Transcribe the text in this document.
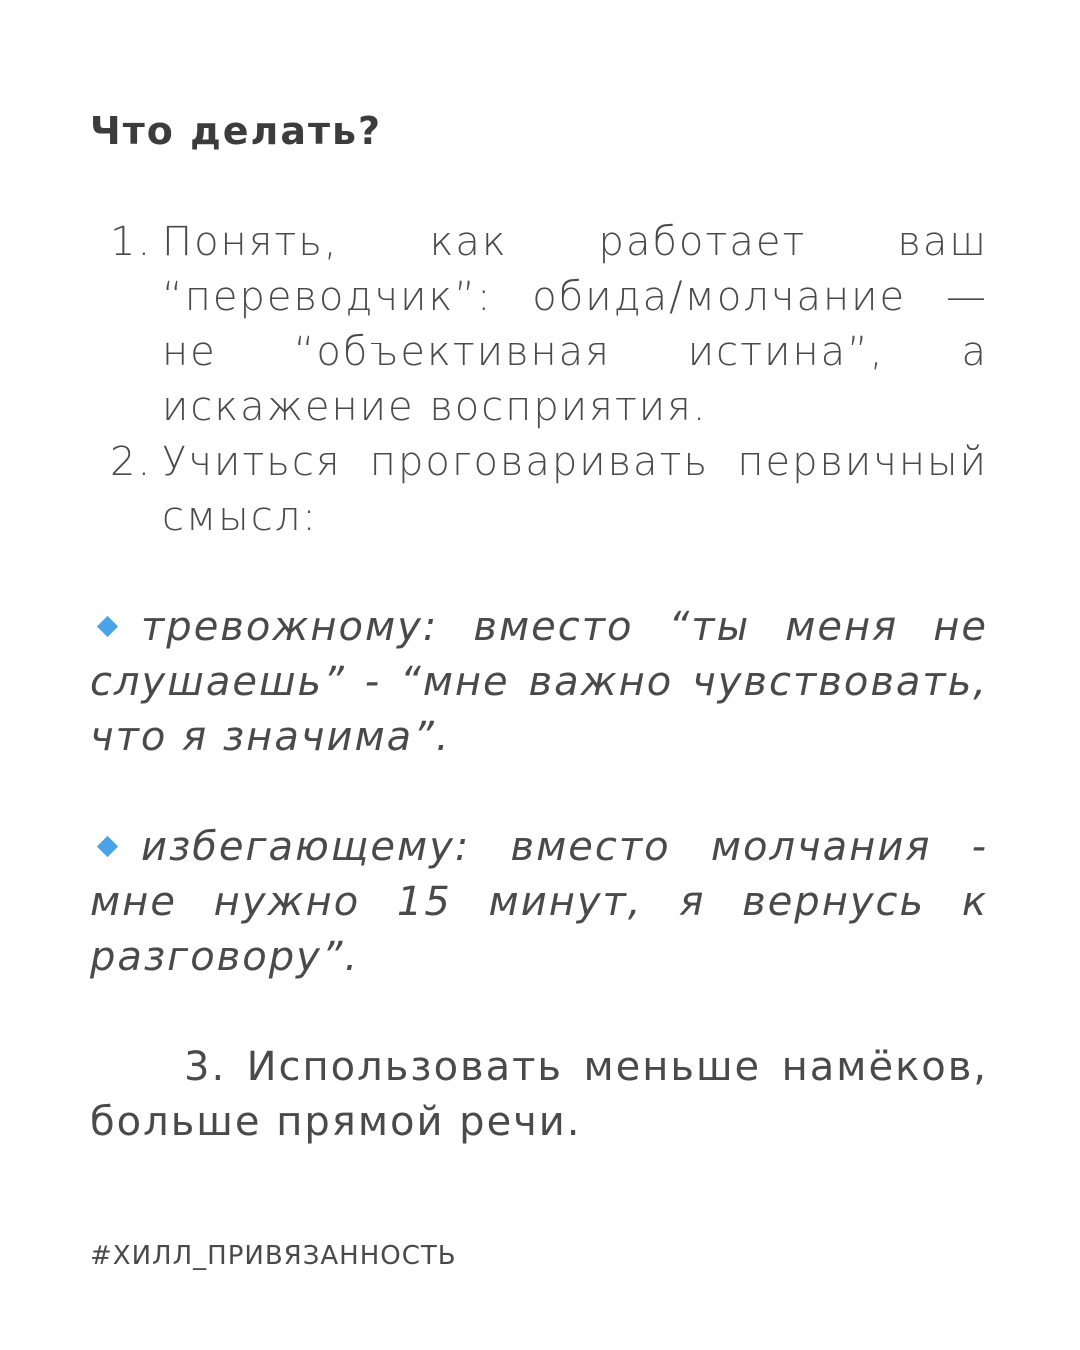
Что делать?
1. Понять, как работает ваш “переводчик”: обида/молчание — не “объективная истина”, а искажение восприятия.
2. Учиться проговаривать первичный смысл:
тревожному: вместо “ты меня не слушаешь” - “мне важно чувствовать, что я значима”.
избегающему: вместо молчания - мне нужно 15 минут, я вернусь к разговору”.
3. Использовать меньше намёков, больше прямой речи.
#ХИЛЛ_ПРИВЯЗАННОСТЬ
